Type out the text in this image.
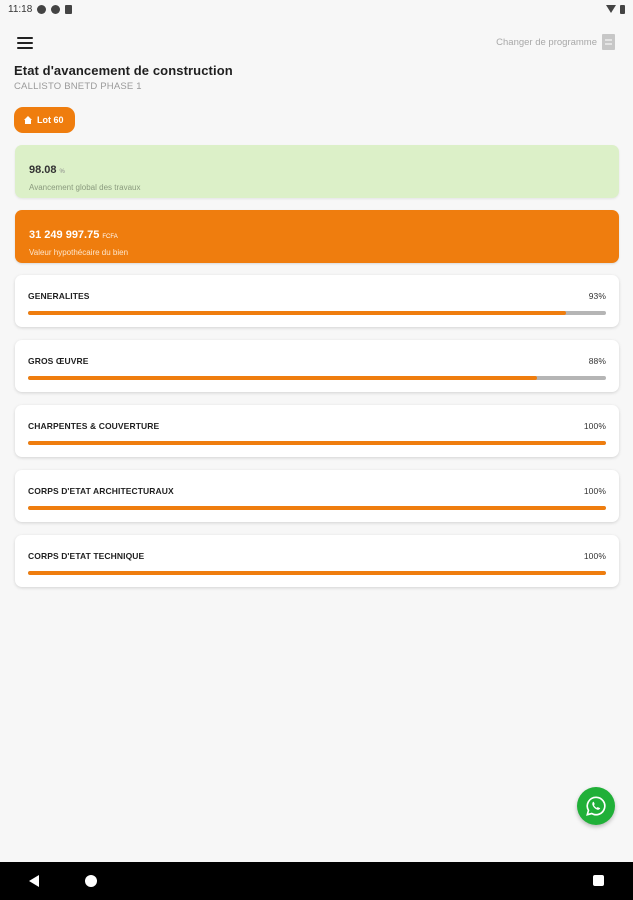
11:18
Changer de programme
Etat d'avancement de construction
CALLISTO BNETD PHASE 1
Lot 60
98.08 %
Avancement global des travaux
31 249 997.75 FCFA
Valeur hypothécaire du bien
GENERALITES	93%
GROS ŒUVRE	88%
CHARPENTES & COUVERTURE	100%
CORPS D'ETAT ARCHITECTURAUX	100%
CORPS D'ETAT TECHNIQUE	100%
